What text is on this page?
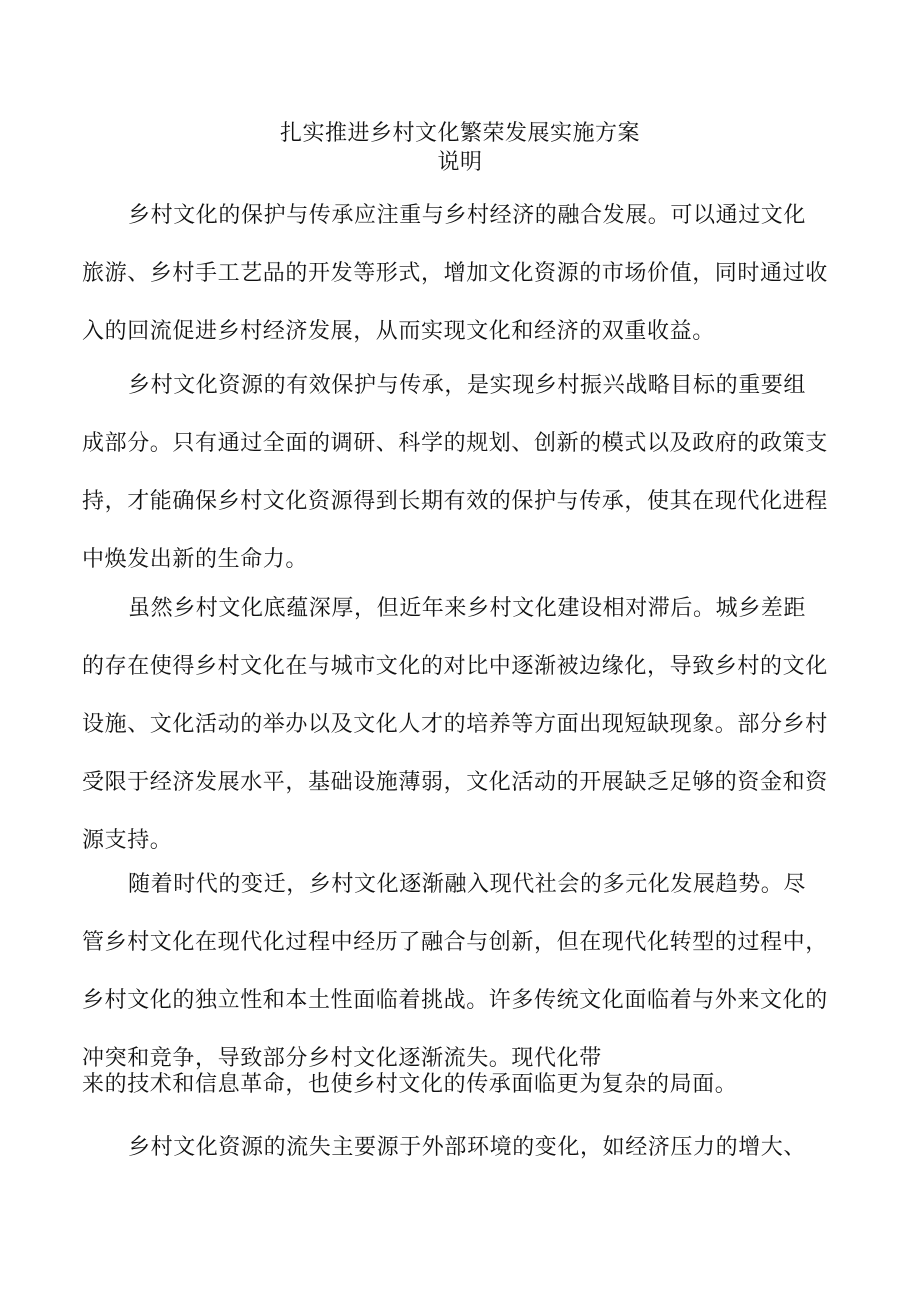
扎实推进乡村文化繁荣发展实施方案
说明

乡村文化的保护与传承应注重与乡村经济的融合发展。可以通过文化
旅游、乡村手工艺品的开发等形式，增加文化资源的市场价值，同时通过收
入的回流促进乡村经济发展，从而实现文化和经济的双重收益。

乡村文化资源的有效保护与传承，是实现乡村振兴战略目标的重要组
成部分。只有通过全面的调研、科学的规划、创新的模式以及政府的政策支
持，才能确保乡村文化资源得到长期有效的保护与传承，使其在现代化进程
中焕发出新的生命力。

虽然乡村文化底蕴深厚，但近年来乡村文化建设相对滞后。城乡差距
的存在使得乡村文化在与城市文化的对比中逐渐被边缘化，导致乡村的文化
设施、文化活动的举办以及文化人才的培养等方面出现短缺现象。部分乡村
受限于经济发展水平，基础设施薄弱，文化活动的开展缺乏足够的资金和资
源支持。

随着时代的变迁，乡村文化逐渐融入现代社会的多元化发展趋势。尽
管乡村文化在现代化过程中经历了融合与创新，但在现代化转型的过程中，
乡村文化的独立性和本土性面临着挑战。许多传统文化面临着与外来文化的
冲突和竞争，导致部分乡村文化逐渐流失。现代化带
来的技术和信息革命，也使乡村文化的传承面临更为复杂的局面。

乡村文化资源的流失主要源于外部环境的变化，如经济压力的增大、
